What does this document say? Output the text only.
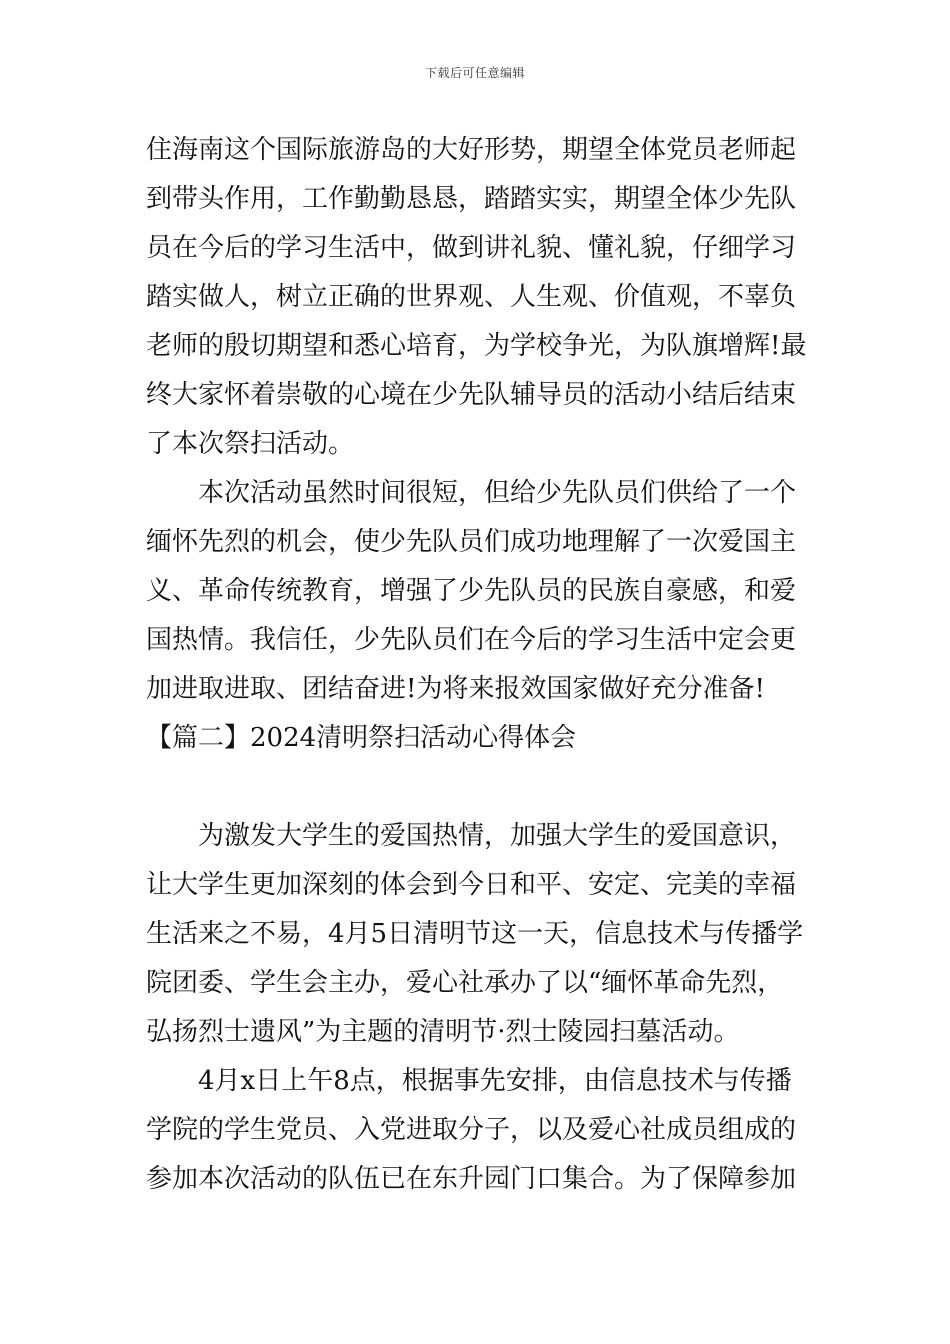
下载后可任意编辑
住海南这个国际旅游岛的大好形势，期望全体党员老师起
到带头作用，工作勤勤恳恳，踏踏实实，期望全体少先队
员在今后的学习生活中，做到讲礼貌、懂礼貌，仔细学习
踏实做人，树立正确的世界观、人生观、价值观，不辜负
老师的殷切期望和悉心培育，为学校争光，为队旗增辉!最
终大家怀着崇敬的心境在少先队辅导员的活动小结后结束
了本次祭扫活动。
本次活动虽然时间很短，但给少先队员们供给了一个
缅怀先烈的机会，使少先队员们成功地理解了一次爱国主
义、革命传统教育，增强了少先队员的民族自豪感，和爱
国热情。我信任，少先队员们在今后的学习生活中定会更
加进取进取、团结奋进!为将来报效国家做好充分准备!
【篇二】2024清明祭扫活动心得体会
为激发大学生的爱国热情，加强大学生的爱国意识，
让大学生更加深刻的体会到今日和平、安定、完美的幸福
生活来之不易，4月5日清明节这一天，信息技术与传播学
院团委、学生会主办，爱心社承办了以“缅怀革命先烈，
弘扬烈士遗风”为主题的清明节·烈士陵园扫墓活动。
4月x日上午8点，根据事先安排，由信息技术与传播
学院的学生党员、入党进取分子，以及爱心社成员组成的
参加本次活动的队伍已在东升园门口集合。为了保障参加
